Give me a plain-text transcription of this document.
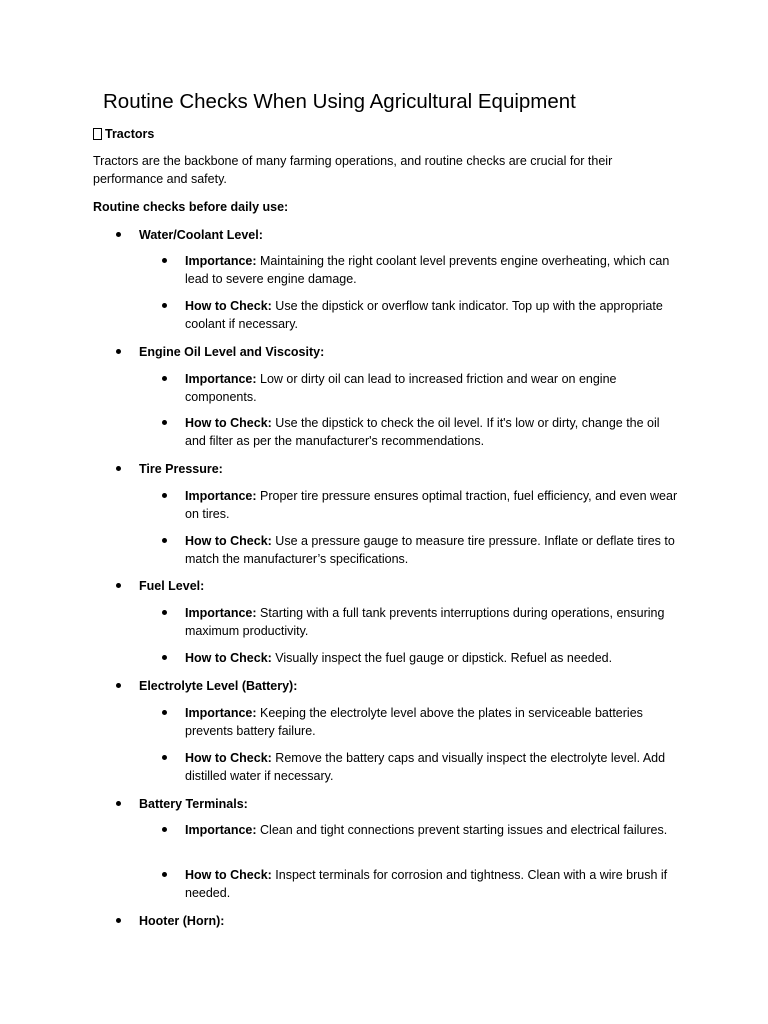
Routine Checks When Using Agricultural Equipment
Tractors

Tractors are the backbone of many farming operations, and routine checks are crucial for their performance and safety.

Routine checks before daily use:

Water/Coolant Level:
Importance: Maintaining the right coolant level prevents engine overheating, which can lead to severe engine damage.
How to Check: Use the dipstick or overflow tank indicator. Top up with the appropriate coolant if necessary.
Engine Oil Level and Viscosity:
Importance: Low or dirty oil can lead to increased friction and wear on engine components.
How to Check: Use the dipstick to check the oil level. If it's low or dirty, change the oil and filter as per the manufacturer's recommendations.
Tire Pressure:
Importance: Proper tire pressure ensures optimal traction, fuel efficiency, and even wear on tires.
How to Check: Use a pressure gauge to measure tire pressure. Inflate or deflate tires to match the manufacturer’s specifications.
Fuel Level:
Importance: Starting with a full tank prevents interruptions during operations, ensuring maximum productivity.
How to Check: Visually inspect the fuel gauge or dipstick. Refuel as needed.
Electrolyte Level (Battery):
Importance: Keeping the electrolyte level above the plates in serviceable batteries prevents battery failure.
How to Check: Remove the battery caps and visually inspect the electrolyte level. Add distilled water if necessary.
Battery Terminals:
Importance: Clean and tight connections prevent starting issues and electrical failures.
How to Check: Inspect terminals for corrosion and tightness. Clean with a wire brush if needed.
Hooter (Horn):
